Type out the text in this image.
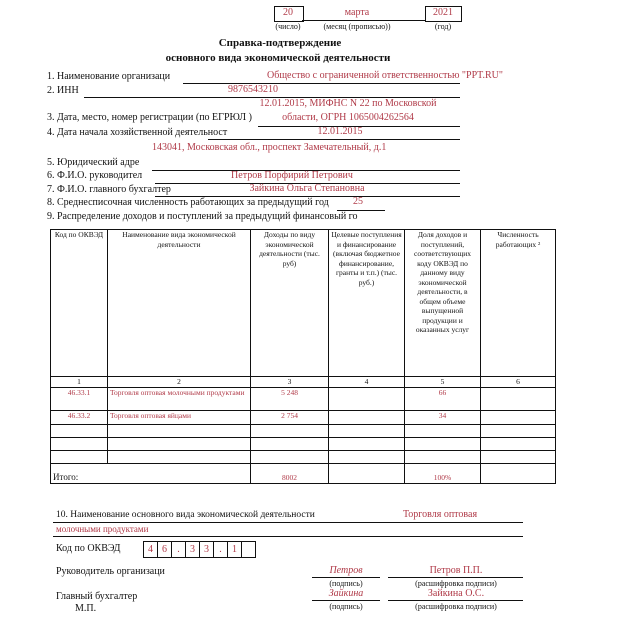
20	марта	2021
(число)	(месяц (прописью))	(год)
Справка-подтверждение
основного вида экономической деятельности
1. Наименование организаци	Общество с ограниченной ответственностью "PPT.RU"
2. ИНН	9876543210
12.01.2015, МИФНС N 22 по Московской
3. Дата, место, номер регистрации (по ЕГРЮЛ )	области, ОГРН 1065004262564
4. Дата начала хозяйственной деятельност	12.01.2015
143041, Московская обл., проспект Замечательный, д.1
5. Юридический адре
6. Ф.И.О. руководител	Петров Порфирий Петрович
7. Ф.И.О. главного бухгалтер	Зайкина Ольга Степановна
8. Среднесписочная численность работающих за предыдущий год 25
9. Распределение доходов и поступлений за предыдущий финансовый го
Код по ОКВЭД	Наименование вида экономической деятельности	Доходы по виду экономической деятельности (тыс. руб)	Целевые поступления и финансирование (включая бюджетное финансирование, гранты и т.п.) (тыс. руб.)	Доля доходов и поступлений, соответствующих коду ОКВЭД по данному виду экономической деятельности, в общем объеме выпущенной продукции и оказанных услуг	Численность работающих ²
1	2	3	4	5	6
46.33.1	Торговля оптовая молочными продуктами	5 248		66	
46.33.2	Торговля оптовая яйцами	2 754		34	

Итого:		8002		100%	
10. Наименование основного вида экономической деятельности	Торговля оптовая
молочными продуктами
Код по ОКВЭД	4 6	.	3 3	.	1
Руководитель организаци	Петров	Петров П.П.
(подпись)	(расшифровка подписи)
Главный бухгалтер	Зайкина	Зайкина О.С.
(подпись)	(расшифровка подписи)
М.П.
